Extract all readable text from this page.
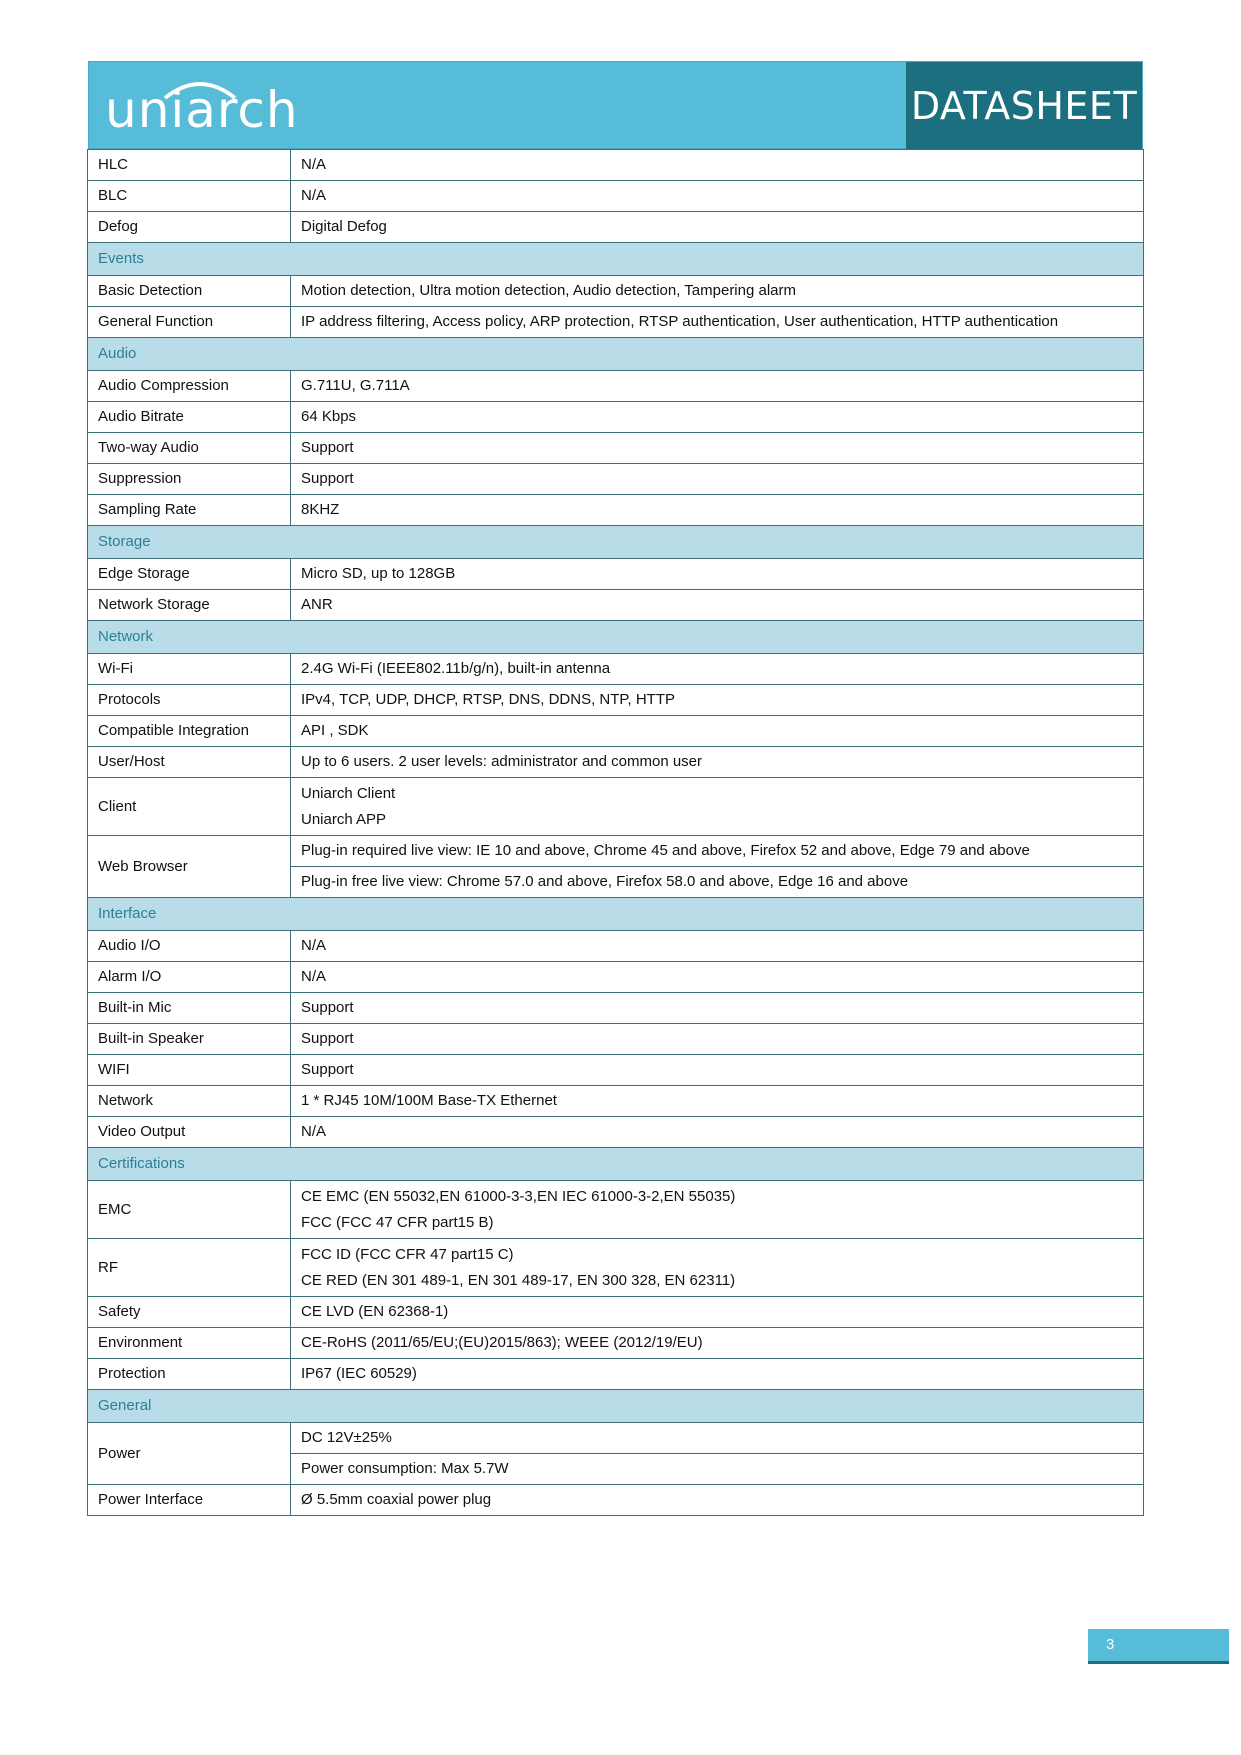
uniarch	DATASHEET
HLC	N/A
BLC	N/A
Defog	Digital Defog
Events	
Basic Detection	Motion detection, Ultra motion detection, Audio detection, Tampering alarm
General Function	IP address filtering, Access policy, ARP protection, RTSP authentication, User authentication, HTTP authentication
Audio	
Audio Compression	G.711U, G.711A
Audio Bitrate	64 Kbps
Two-way Audio	Support
Suppression	Support
Sampling Rate	8KHZ
Storage	
Edge Storage	Micro SD, up to 128GB
Network Storage	ANR
Network	
Wi-Fi	2.4G Wi-Fi (IEEE802.11b/g/n), built-in antenna
Protocols	IPv4, TCP, UDP, DHCP, RTSP, DNS, DDNS, NTP, HTTP
Compatible Integration	API , SDK
User/Host	Up to 6 users. 2 user levels: administrator and common user
Client	Uniarch Client
Uniarch APP

Web Browser	Plug-in required live view: IE 10 and above, Chrome 45 and above, Firefox 52 and above, Edge 79 and above
	Plug-in free live view: Chrome 57.0 and above, Firefox 58.0 and above, Edge 16 and above
Interface	
Audio I/O	N/A
Alarm I/O	N/A
Built-in Mic	Support
Built-in Speaker	Support
WIFI	Support
Network	1 * RJ45 10M/100M Base-TX Ethernet
Video Output	N/A
Certifications	
EMC	CE EMC (EN 55032,EN 61000-3-3,EN IEC 61000-3-2,EN 55035)
FCC (FCC 47 CFR part15 B)

RF	FCC ID (FCC CFR 47 part15 C)
CE RED (EN 301 489-1, EN 301 489-17, EN 300 328, EN 62311)

Safety	CE LVD (EN 62368-1)
Environment	CE-RoHS (2011/65/EU;(EU)2015/863); WEEE (2012/19/EU)
Protection	IP67 (IEC 60529)
General	
Power	DC 12V±25%
	Power consumption: Max 5.7W
Power Interface	Ø 5.5mm coaxial power plug
3
